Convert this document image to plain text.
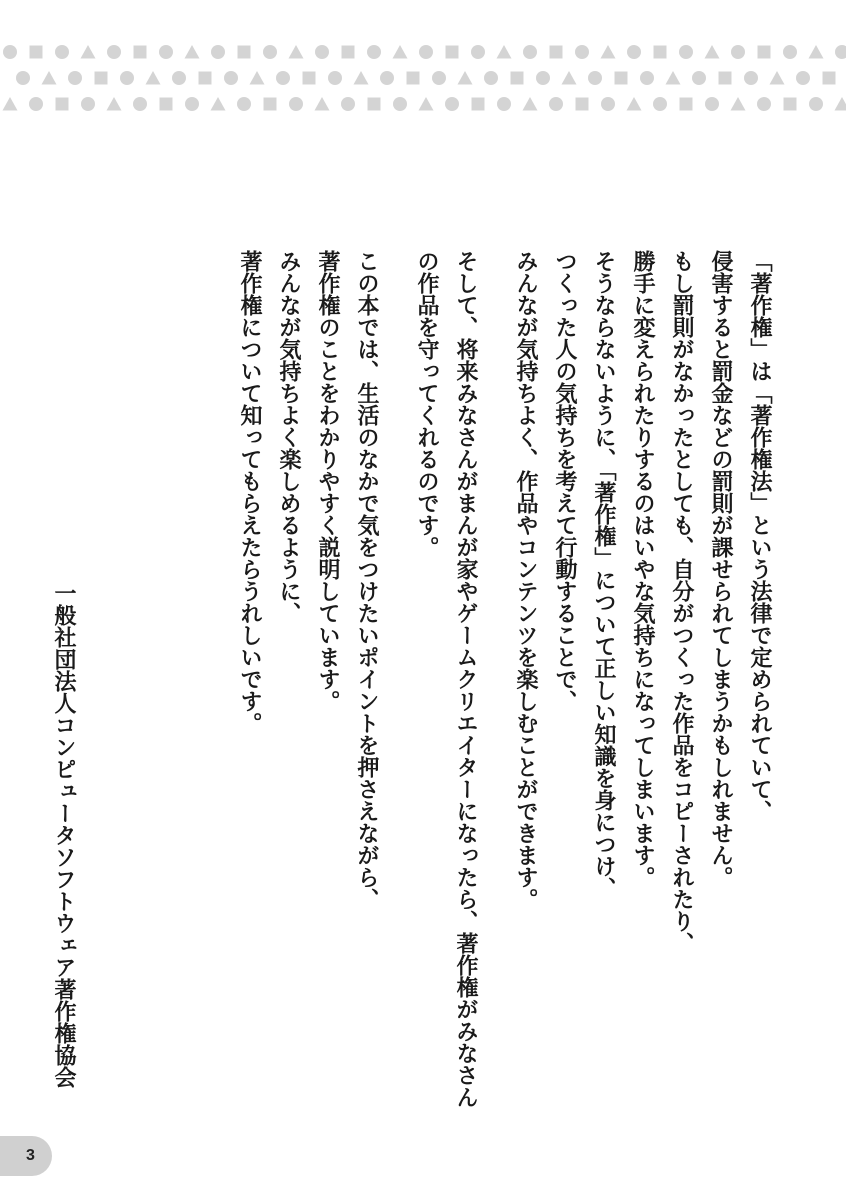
「著作権」は「著作権法」という法律で定められていて、
侵害すると罰金などの罰則が課せられてしまうかもしれません。
もし罰則がなかったとしても、自分がつくった作品をコピーされたり、
勝手に変えられたりするのはいやな気持ちになってしまいます。
そうならないように、「著作権」について正しい知識を身につけ、
つくった人の気持ちを考えて行動することで、
みんなが気持ちよく、作品やコンテンツを楽しむことができます。
そして、将来みなさんがまんが家やゲームクリエイターになったら、著作権がみなさん
の作品を守ってくれるのです。
この本では、生活のなかで気をつけたいポイントを押さえながら、
著作権のことをわかりやすく説明しています。
みんなが気持ちよく楽しめるように、
著作権について知ってもらえたらうれしいです。
一般社団法人コンピュータソフトウェア著作権協会
3
